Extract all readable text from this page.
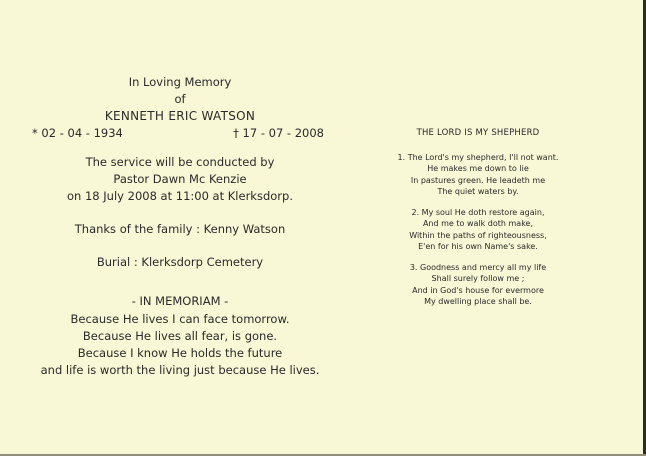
In Loving Memory
of
KENNETH ERIC WATSON
* 02 - 04 - 1934	† 17 - 07 - 2008
The service will be conducted by
Pastor Dawn Mc Kenzie
on 18 July 2008 at 11:00 at Klerksdorp.
Thanks of the family : Kenny Watson
Burial : Klerksdorp Cemetery
- IN MEMORIAM -
Because He lives I can face tomorrow.
Because He lives all fear, is gone.
Because I know He holds the future
and life is worth the living just because He lives.
THE LORD IS MY SHEPHERD
1. The Lord's my shepherd, I'll not want.
He makes me down to lie
In pastures green. He leadeth me
The quiet waters by.
2. My soul He doth restore again,
And me to walk doth make,
Within the paths of righteousness,
E'en for his own Name's sake.
3. Goodness and mercy all my life
Shall surely follow me ;
And in God's house for evermore
My dwelling place shall be.
